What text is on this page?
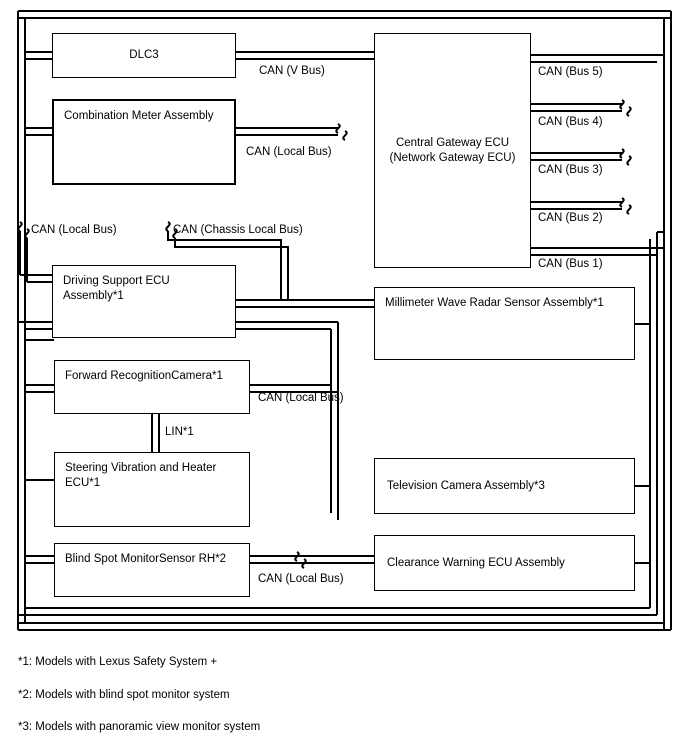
DLC3
Combination Meter Assembly
Central Gateway ECU (Network Gateway ECU)
Driving Support ECU Assembly*1
Millimeter Wave Radar Sensor Assembly*1
Forward RecognitionCamera*1
Steering Vibration and Heater ECU*1	Television Camera Assembly*3
Blind Spot MonitorSensor RH*2	Clearance Warning ECU Assembly
CAN (V Bus)
CAN (Local Bus)
CAN (Bus 5)
CAN (Bus 4)
CAN (Bus 3)
CAN (Bus 2)
CAN (Bus 1)
CAN (Local Bus)	CAN (Chassis Local Bus)
CAN (Local Bus)
LIN*1
CAN (Local Bus)
*1: Models with Lexus Safety System +
*2: Models with blind spot monitor system
*3: Models with panoramic view monitor system
